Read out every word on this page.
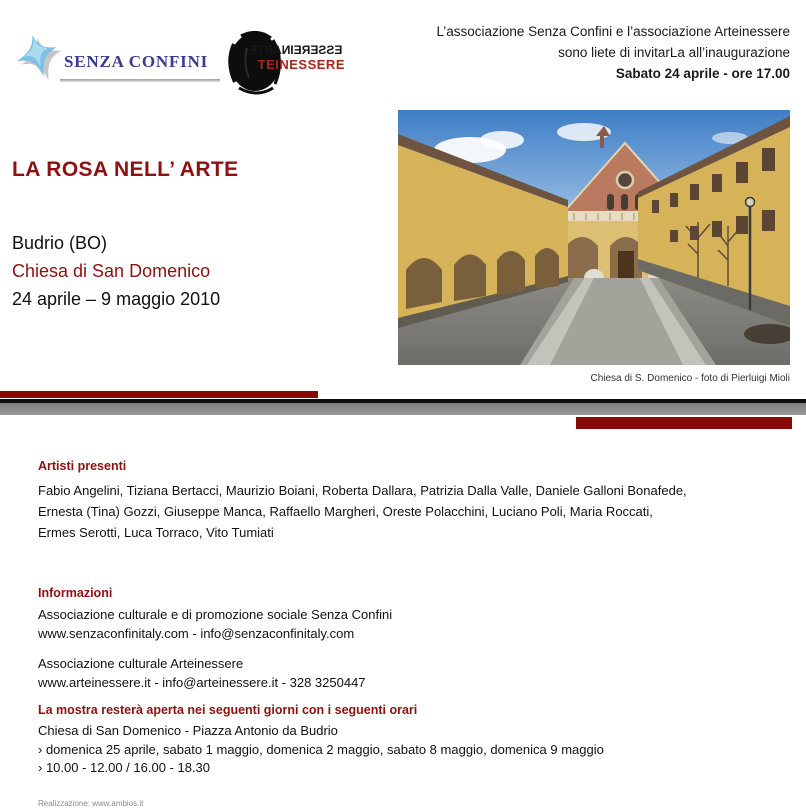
SENZA CONFINI
ESSEREINARTE
TEINESSERE
L’associazione Senza Confini e l’associazione Arteinessere
sono liete di invitarLa all’inaugurazione
Sabato 24 aprile - ore 17.00
LA ROSA NELL’ ARTE
Budrio (BO)
Chiesa di San Domenico
24 aprile – 9 maggio 2010
Chiesa di S. Domenico - foto di Pierluigi Mioli
Artisti presenti
Fabio Angelini, Tiziana Bertacci, Maurizio Boiani, Roberta Dallara, Patrizia Dalla Valle, Daniele Galloni Bonafede,
Ernesta (Tina) Gozzi, Giuseppe Manca, Raffaello Margheri, Oreste Polacchini, Luciano Poli, Maria Roccati,
Ermes Serotti, Luca Torraco, Vito Tumiati
Informazioni
Associazione culturale e di promozione sociale Senza Confini
www.senzaconfinitaly.com - info@senzaconfinitaly.com
Associazione culturale Arteinessere
www.arteinessere.it - info@arteinessere.it - 328 3250447
La mostra resterà aperta nei seguenti giorni con i seguenti orari
Chiesa di San Domenico - Piazza Antonio da Budrio
› domenica 25 aprile, sabato 1 maggio, domenica 2 maggio, sabato 8 maggio, domenica 9 maggio
› 10.00 - 12.00 / 16.00 - 18.30
Realizzazione: www.ambios.it
